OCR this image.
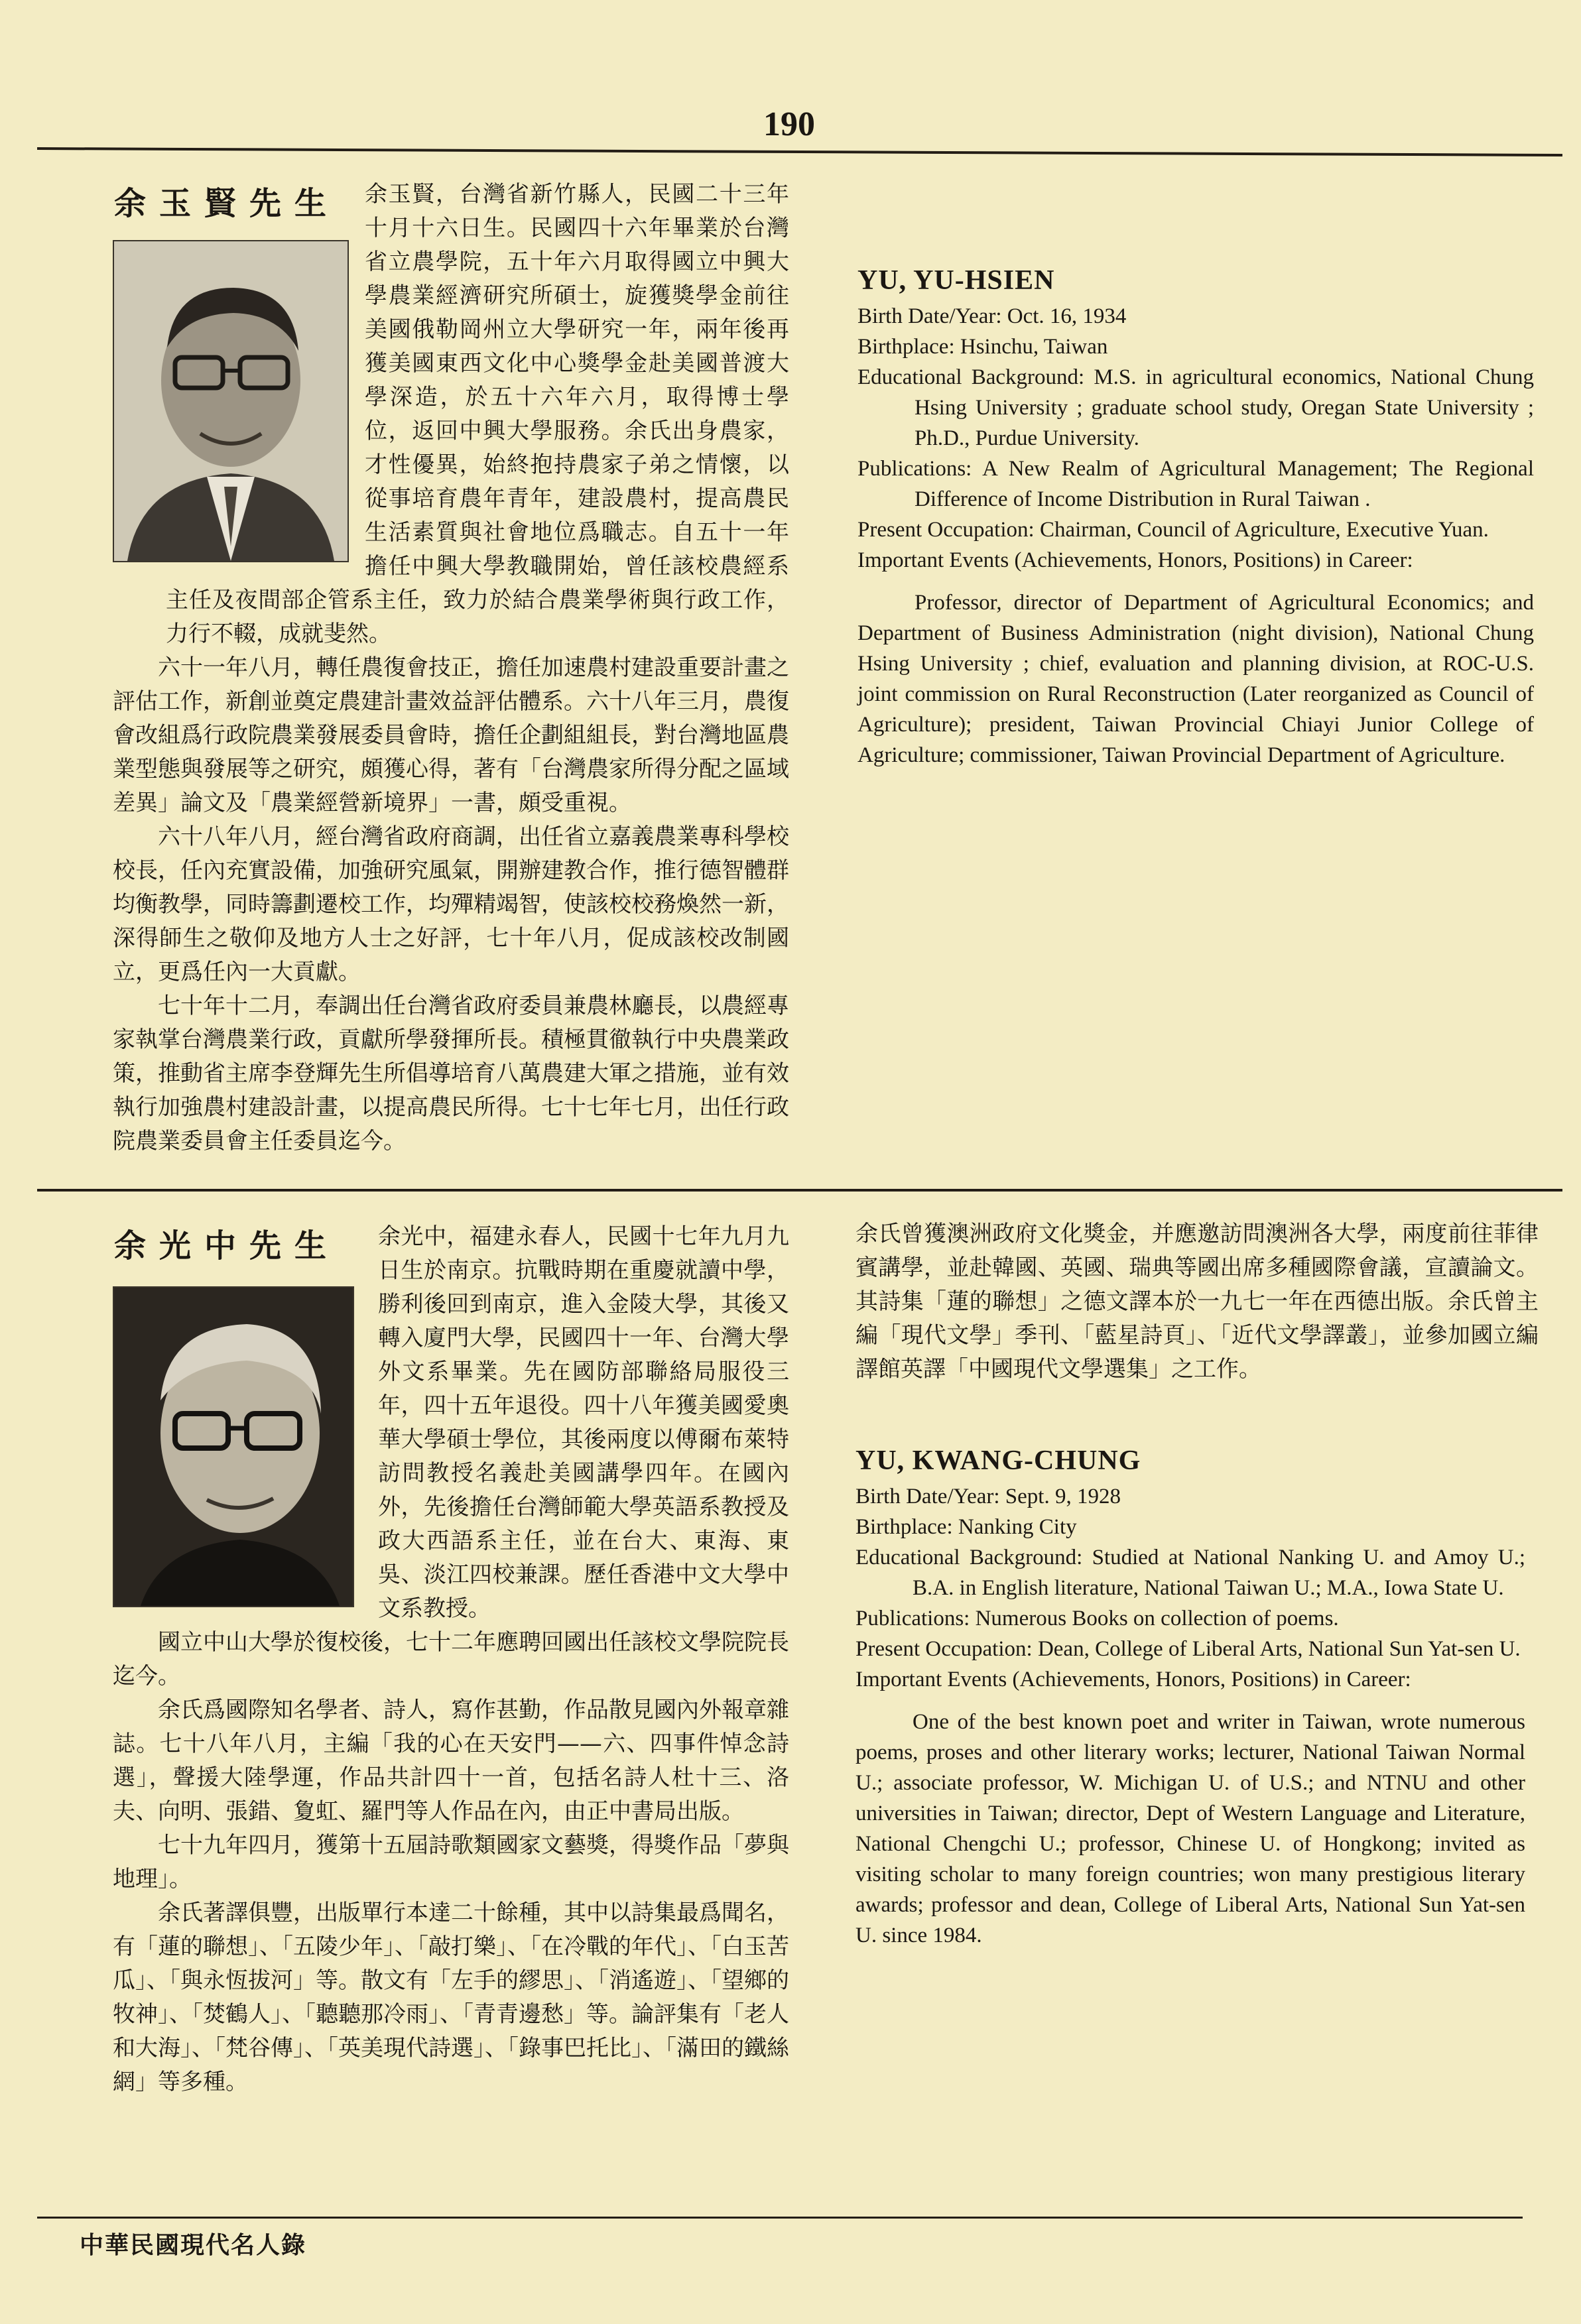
190
余玉賢先生	余玉賢，台灣省新竹縣人，民國二十三年十月十六日生。民國四十六年畢業於台灣省立農學院，五十年六月取得國立中興大學農業經濟研究所碩士，旋獲獎學金前往美國俄勒岡州立大學研究一年，兩年後再獲美國東西文化中心獎學金赴美國普渡大學深造，於五十六年六月，取得博士學位，返回中興大學服務。余氏出身農家，才性優異，始終抱持農家子弟之情懷，以從事培育農年青年，建設農村，提高農民生活素質與社會地位爲職志。自五十一年擔任中興大學教職開始，曾任該校農經系主任及夜間部企管系主任，致力於結合農業學術與行政工作，力行不輟，成就斐然。

六十一年八月，轉任農復會技正，擔任加速農村建設重要計畫之評估工作，新創並奠定農建計畫效益評估體系。六十八年三月，農復會改組爲行政院農業發展委員會時，擔任企劃組組長，對台灣地區農業型態與發展等之研究，頗獲心得，著有「台灣農家所得分配之區域差異」論文及「農業經營新境界」一書，頗受重視。

六十八年八月，經台灣省政府商調，出任省立嘉義農業專科學校校長，任內充實設備，加強研究風氣，開辦建教合作，推行德智體群均衡教學，同時籌劃遷校工作，均殫精竭智，使該校校務煥然一新，深得師生之敬仰及地方人士之好評，七十年八月，促成該校改制國立，更爲任內一大貢獻。

七十年十二月，奉調出任台灣省政府委員兼農林廳長，以農經專家執掌台灣農業行政，貢獻所學發揮所長。積極貫徹執行中央農業政策，推動省主席李登輝先生所倡導培育八萬農建大軍之措施，並有效執行加強農村建設計畫，以提高農民所得。七十七年七月，出任行政院農業委員會主任委員迄今。

YU, YU-HSIEN

Birth Date/Year: Oct. 16, 1934

Birthplace: Hsinchu, Taiwan

Educational Background: M.S. in agricultural economics, National Chung Hsing University ; graduate school study, Oregan State University ; Ph.D., Purdue University.

Publications: A New Realm of Agricultural Management; The Regional Difference of Income Distribution in Rural Taiwan .

Present Occupation: Chairman, Council of Agriculture, Executive Yuan.

Important Events (Achievements, Honors, Positions) in Career:

Professor, director of Department of Agricultural Economics; and Department of Business Administration (night division), National Chung Hsing University ; chief, evaluation and planning division, at ROC-U.S. joint commission on Rural Reconstruction (Later reorganized as Council of Agriculture); president, Taiwan Provincial Chiayi Junior College of Agriculture; commissioner, Taiwan Provincial Department of Agriculture.

余光中先生	余光中，福建永春人，民國十七年九月九日生於南京。抗戰時期在重慶就讀中學，勝利後回到南京，進入金陵大學，其後又轉入廈門大學，民國四十一年、台灣大學外文系畢業。先在國防部聯絡局服役三年，四十五年退役。四十八年獲美國愛奧華大學碩士學位，其後兩度以傅爾布萊特訪問教授名義赴美國講學四年。在國內外，先後擔任台灣師範大學英語系教授及政大西語系主任，並在台大、東海、東吳、淡江四校兼課。歷任香港中文大學中文系教授。

國立中山大學於復校後，七十二年應聘回國出任該校文學院院長迄今。

余氏爲國際知名學者、詩人，寫作甚勤，作品散見國內外報章雜誌。七十八年八月，主編「我的心在天安門——六、四事件悼念詩選」，聲援大陸學運，作品共計四十一首，包括名詩人杜十三、洛夫、向明、張錯、夐虹、羅門等人作品在內，由正中書局出版。

七十九年四月，獲第十五屆詩歌類國家文藝獎，得獎作品「夢與地理」。

余氏著譯俱豐，出版單行本達二十餘種，其中以詩集最爲聞名，有「蓮的聯想」、「五陵少年」、「敲打樂」、「在冷戰的年代」、「白玉苦瓜」、「與永恆拔河」等。散文有「左手的繆思」、「消遙遊」、「望鄉的牧神」、「焚鶴人」、「聽聽那冷雨」、「青青邊愁」等。論評集有「老人和大海」、「梵谷傳」、「英美現代詩選」、「錄事巴托比」、「滿田的鐵絲網」等多種。

余氏曾獲澳洲政府文化獎金，并應邀訪問澳洲各大學，兩度前往菲律賓講學，並赴韓國、英國、瑞典等國出席多種國際會議，宣讀論文。其詩集「蓮的聯想」之德文譯本於一九七一年在西德出版。余氏曾主編「現代文學」季刊、「藍星詩頁」、「近代文學譯叢」，並參加國立編譯館英譯「中國現代文學選集」之工作。

YU, KWANG-CHUNG

Birth Date/Year: Sept. 9, 1928

Birthplace: Nanking City

Educational Background: Studied at National Nanking U. and Amoy U.; B.A. in English literature, National Taiwan U.; M.A., Iowa State U.

Publications: Numerous Books on collection of poems.

Present Occupation: Dean, College of Liberal Arts, National Sun Yat-sen U.

Important Events (Achievements, Honors, Positions) in Career:

One of the best known poet and writer in Taiwan, wrote numerous poems, proses and other literary works; lecturer, National Taiwan Normal U.; associate professor, W. Michigan U. of U.S.; and NTNU and other universities in Taiwan; director, Dept of Western Language and Literature, National Chengchi U.; professor, Chinese U. of Hongkong; invited as visiting scholar to many foreign countries; won many prestigious literary awards; professor and dean, College of Liberal Arts, National Sun Yat-sen U. since 1984.

中華民國現代名人錄
